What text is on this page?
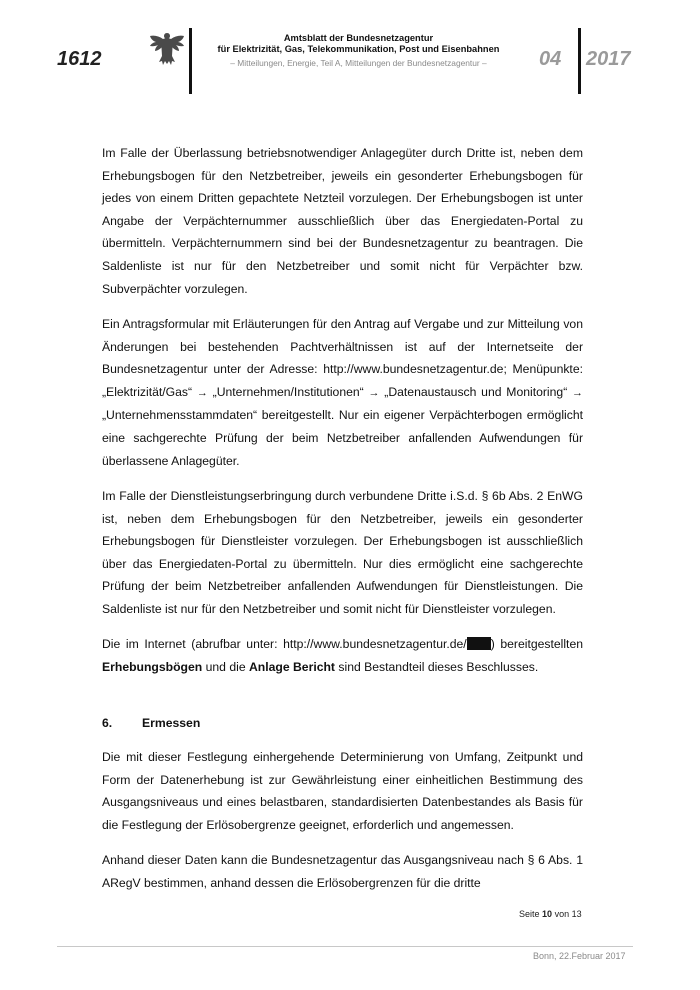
1612
Amtsblatt der Bundesnetzagentur
für Elektrizität, Gas, Telekommunikation, Post und Eisenbahnen
– Mitteilungen, Energie, Teil A, Mitteilungen der Bundesnetzagentur –	04 2017

Im Falle der Überlassung betriebsnotwendiger Anlagegüter durch Dritte ist, neben dem Erhebungsbogen für den Netzbetreiber, jeweils ein gesonderter Erhebungsbogen für jedes von einem Dritten gepachtete Netzteil vorzulegen. Der Erhebungsbogen ist unter Angabe der Verpächternummer ausschließlich über das Energiedaten-Portal zu übermitteln. Verpächternummern sind bei der Bundesnetzagentur zu beantragen. Die Saldenliste ist nur für den Netzbetreiber und somit nicht für Verpächter bzw. Subverpächter vorzulegen.

Ein Antragsformular mit Erläuterungen für den Antrag auf Vergabe und zur Mitteilung von Änderungen bei bestehenden Pachtverhältnissen ist auf der Internetseite der Bundesnetzagentur unter der Adresse: http://www.bundesnetzagentur.de; Menüpunkte: „Elektrizität/Gas“ → „Unternehmen/Institutionen“ → „Datenaustausch und Monitoring“ → „Unternehmensstammdaten“ bereitgestellt. Nur ein eigener Verpächterbogen ermöglicht eine sachgerechte Prüfung der beim Netzbetreiber anfallenden Aufwendungen für überlassene Anlagegüter.

Im Falle der Dienstleistungserbringung durch verbundene Dritte i.S.d. § 6b Abs. 2 EnWG ist, neben dem Erhebungsbogen für den Netzbetreiber, jeweils ein gesonderter Erhebungsbogen für Dienstleister vorzulegen. Der Erhebungsbogen ist ausschließlich über das Energiedaten-Portal zu übermitteln. Nur dies ermöglicht eine sachgerechte Prüfung der beim Netzbetreiber anfallenden Aufwendungen für Dienstleistungen. Die Saldenliste ist nur für den Netzbetreiber und somit nicht für Dienstleister vorzulegen.

Die im Internet (abrufbar unter: http://www.bundesnetzagentur.de/ ) bereitgestellten Erhebungsbögen und die Anlage Bericht sind Bestandteil dieses Beschlusses.

6. Ermessen

Die mit dieser Festlegung einhergehende Determinierung von Umfang, Zeitpunkt und Form der Datenerhebung ist zur Gewährleistung einer einheitlichen Bestimmung des Ausgangsniveaus und eines belastbaren, standardisierten Datenbestandes als Basis für die Festlegung der Erlösobergrenze geeignet, erforderlich und angemessen.

Anhand dieser Daten kann die Bundesnetzagentur das Ausgangsniveau nach § 6 Abs. 1 ARegV bestimmen, anhand dessen die Erlösobergrenzen für die dritte

Seite 10 von 13
Bonn, 22.Februar 2017
